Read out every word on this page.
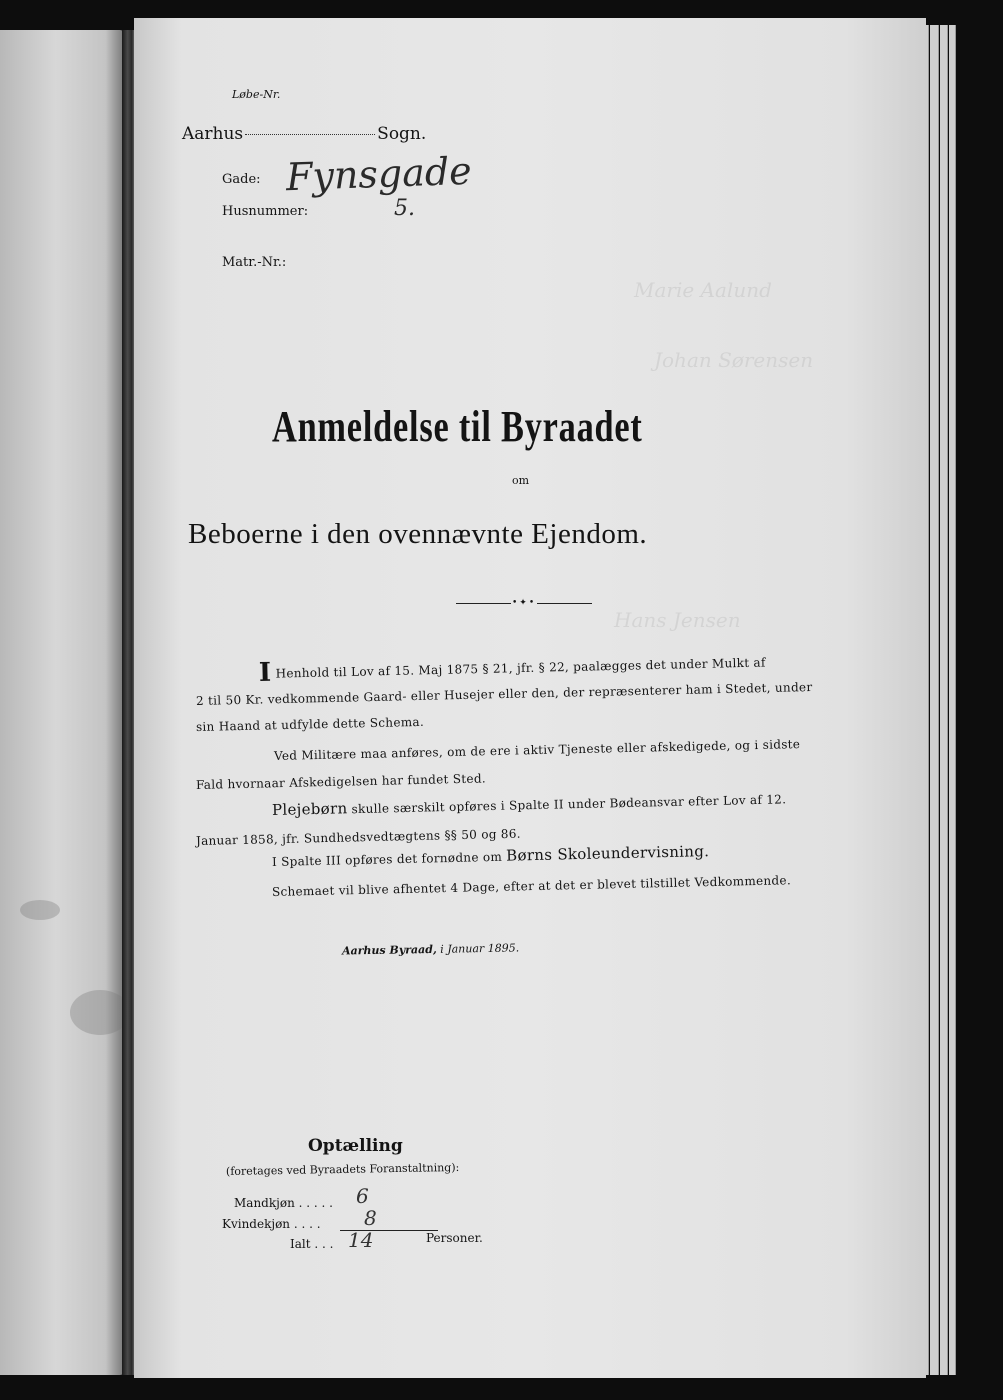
Marie Aalund
Johan Sørensen
Hans Jensen
Løbe-Nr.
Aarhus	Sogn.
Gade: Fynsgade
Husnummer:	5.
Matr.-Nr.:
Anmeldelse til Byraadet
om
Beboerne i den ovennævnte Ejendom.
•✦•
I Henhold til Lov af 15. Maj 1875 § 21, jfr. § 22, paalægges det under Mulkt af
2 til 50 Kr. vedkommende Gaard- eller Husejer eller den, der repræsenterer ham i Stedet, under
sin Haand at udfylde dette Schema.
Ved Militære maa anføres, om de ere i aktiv Tjeneste eller afskedigede, og i sidste
Fald hvornaar Afskedigelsen har fundet Sted.
Plejebørn skulle særskilt opføres i Spalte II under Bødeansvar efter Lov af 12.
Januar 1858, jfr. Sundhedsvedtægtens §§ 50 og 86.
I Spalte III opføres det fornødne om Børns Skoleundervisning.
Schemaet vil blive afhentet 4 Dage, efter at det er blevet tilstillet Vedkommende.
Aarhus Byraad, i Januar 1895.
Optælling
(foretages ved Byraadets Foranstaltning):
Mandkjøn . . . . . 6
Kvindekjøn . . . . 8
Ialt . . . 14	Personer.
